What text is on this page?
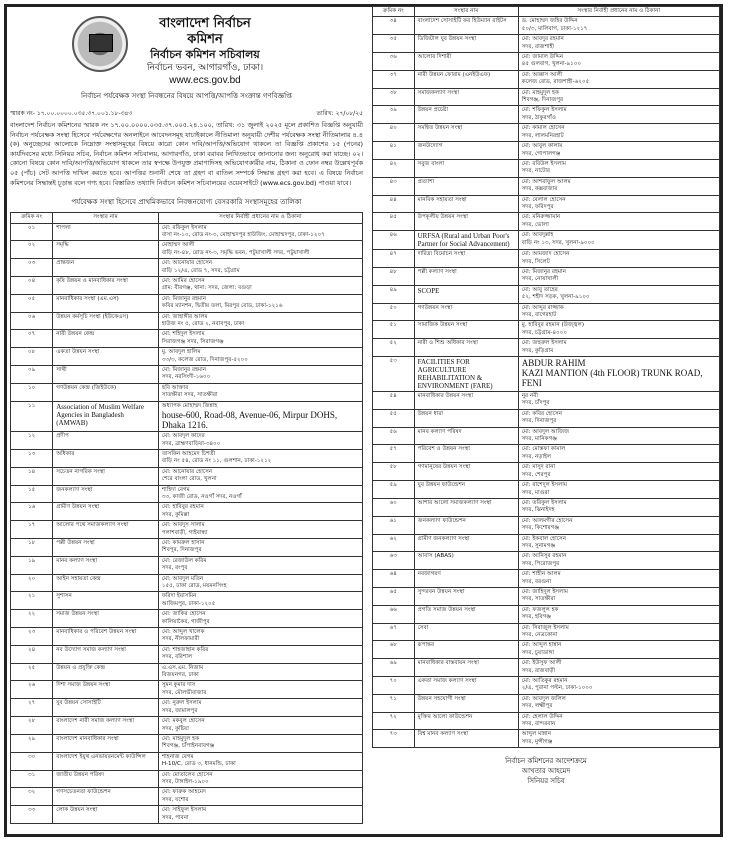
বাংলাদেশ নির্বাচন কমিশন
নির্বাচন কমিশন সচিবালয়
নির্বাচন ভবন, আগারগাঁও, ঢাকা।
www.ecs.gov.bd
নির্বাচন পর্যবেক্ষক সংস্থা নিবন্ধনের বিষয়ে আপত্তি/আপত্তি সংক্রান্ত গণবিজ্ঞপ্তি
স্মারক নং- ১৭.০০.০০০০.০৩৫.৩৭.০০১.১৮-৩৪৩	তারিখ: ২৭/০৮/২৫
বাংলাদেশ নির্বাচন কমিশনের স্মারক নং ১৭.০০.০০০০.০৩৫.৩৭.০০৫.২৪.১০০, তারিখ: ৩১ জুলাই ২০২৫ মূলে প্রকাশিত বিজ্ঞপ্তি অনুযায়ী নির্বাচন পর্যবেক্ষক সংস্থা হিসেবে পর্যবেক্ষণের অনলাইনে আবেদনসমূহ যাচাইকালে নীতিমালা অনুযায়ী দেশীয় পর্যবেক্ষক সংস্থা নীতিমালার ৪.৪ (ক) অনুচ্ছেদের আলোকে নিম্নোক্ত সংস্থাসমূহের বিষয়ে কারো কোন দাবি/আপত্তি/অভিযোগ থাকলে তা বিজ্ঞপ্তি প্রকাশের ১৫ (পনের) কার্যদিবসের মধ্যে সিনিয়র সচিব, নির্বাচন কমিশন সচিবালয়, আগারগাঁও, ঢাকা বরাবর লিখিতভাবে জানানোর জন্য অনুরোধ করা যাচ্ছে। ০২। কোনো বিষয়ে কোন দাবি/আপত্তি/অভিযোগ থাকলে তার স্বপক্ষে উপযুক্ত প্রমাণাদিসহ অভিযোগকারীর নাম, ঠিকানা ও ফোন নম্বর উল্লেখপূর্বক ০৫ (পাঁচ) সেট আপত্তি দাখিল করতে হবে। আপত্তির শুনানী শেষে তা গ্রহণ বা বাতিল সম্পর্কে সিদ্ধান্ত গ্রহণ করা হবে। এ বিষয়ে নির্বাচন কমিশনের সিদ্ধান্তই চূড়ান্ত বলে গণ্য হবে। বিস্তারিত তথ্যাদি নির্বাচন কমিশন সচিবালয়ের ওয়েবসাইটে (www.ecs.gov.bd) পাওয়া যাবে।
পর্যবেক্ষক সংস্থা হিসেবে প্রাথমিকভাবে নিবন্ধনযোগ্য বেসরকারি সংস্থাসমূহের তালিকা
ক্রমিক নং	সংস্থার নাম	সংস্থার নির্বাহী প্রধানের নাম ও ঠিকানা
০১	শাপলা	মো: রফিকুল ইসলাম
বাসা নং-১০, রোড নং-৩, মোহাম্মদপুর হাউজিং, মোহাম্মদপুর, ঢাকা-১২০৭

০২	সমৃদ্ধি	মোহাম্মদ আলী
বাড়ি নং-৪৮, রোড নং-৩, সমৃদ্ধি ভবন, পটুয়াখালী সদর, পটুয়াখালী

০৩	প্রান্তজন	মো: আনোয়ার হোসেন
বাড়ি ১২/এ, রোড ৭, সদর, চট্টগ্রাম

০৪	কৃষি উন্নয়ন ও মানবাধিকার সংস্থা	মো: আমির হোসেন
গ্রাম: বীরগঞ্জ, থানা: সদর, জেলা: বগুড়া

০৫	মানবাধিকার সংস্থা (এম.এস)	মো: মিজানুর রহমান
কবির ম্যানশন, দ্বিতীয় তলা, মিরপুর রোড, ঢাকা-১২১৬

০৬	উন্নয়ন কর্মসূচি সংস্থা (ইউকেএস)	মো: জাহাঙ্গীর আলম
হাউজ নং ৫, রোড ২, নবাবপুর, ঢাকা

০৭	নারী উন্নয়ন কেন্দ্র	মো: শহিদুল ইসলাম
সিরাজগঞ্জ সদর, সিরাজগঞ্জ

০৮	একতা উন্নয়ন সংস্থা	মু. আবদুল হালিম
৩৩/৩, কলেজ রোড, দিনাজপুর-৫২০০

০৯	সাথী	মো: মিজানুর রহমান
সদর, নরসিংদী-১৬০০

১০	গণউন্নয়ন কেন্দ্র (জিইউকে)	ছবি আক্তার
সাতক্ষীরা সদর, সাতক্ষীরা

১১	Association of Muslim Welfare Agencies in Bangladesh (AMWAB)	অধ্যাপক মোহাম্মদ জিন্নাহ
house-600, Road-08, Avenue-06, Mirpur DOHS, Dhaka 1216.

১২	প্রদীপ	মো: আবদুল কাদের
সদর, ব্রাহ্মণবাড়িয়া-৩৪০০

১৩	অধিকার	তাসকিন আহমেদ চিশতী
বাড়ি নং ৫৪, রোড নং ১১, গুলশান, ঢাকা-১২১২

১৪	সচেতন নাগরিক সংস্থা	মো: আনোয়ার হোসেন
শেরে বাংলা রোড, খুলনা

১৫	জনকল্যাণ সংস্থা	শাহিদা বেগম
৩৩, কাজী রোড, নওগাঁ সদর, নওগাঁ

১৬	গ্রামীণ উন্নয়ন সংস্থা	মো: হাবিবুর রহমান
সদর, কুমিল্লা

১৭	আলোর পথে সমাজকল্যাণ সংস্থা	মো: আবদুস সালাম
পলাশবাড়ী, গাইবান্ধা

১৮	পল্লী উন্নয়ন সংস্থা	মো: কামরুল হাসান
শিবপুর, দিনাজপুর

১৯	মানব কল্যাণ সংস্থা	মো: রেজাউল করিম
সদর, রংপুর

২০	আইন সহায়তা কেন্দ্র	মো: আবদুল মতিন
১৫৫, ঢাকা রোড, ময়মনসিংহ

২১	সুশাসন	ফরিদা ইয়াসমিন
আজিমপুর, ঢাকা-১২০৫

২২	সমাজ উন্নয়ন সংস্থা	মো: জাকির হোসেন
কালিয়াকৈর, গাজীপুর

২৩	মানবাধিকার ও পরিবেশ উন্নয়ন সংস্থা	মো: আব্দুল খালেক
সদর, নীলফামারী

২৪	নব উদ্যোগ সমাজ কল্যাণ সংস্থা	মো: শাহজাহান কবির
সদর, বরিশাল

২৫	উন্নয়ন ও প্রযুক্তি কেন্দ্র	এ.এস.এম. নিজাম
বিজয়নগর, ঢাকা

২৬	দিশা সমাজ উন্নয়ন সংস্থা	সুমন কুমার দাস
সদর, মৌলভীবাজার

২৭	যুব উন্নয়ন সোসাইটি	মো: নুরুল ইসলাম
সদর, জামালপুর

২৮	বাংলাদেশ নারী সমাজ কল্যাণ সংস্থা	মো: মকবুল হোসেন
সদর, কুষ্টিয়া

২৯	বাংলাদেশ মানবাধিকার সংস্থা	মো: মাহমুদুল হক
শিবগঞ্জ, চাঁপাইনবাবগঞ্জ

৩০	বাংলাদেশ ইয়ুথ এনভায়রনমেন্ট কাউন্সিল	শাহনাজ বেগম
H-10/C, রোড ৩, ধানমন্ডি, ঢাকা

৩১	জাতীয় উন্নয়ন পরিষদ	মো: মোতালেব হোসেন
সদর, টাঙ্গাইল-১৯০০

৩২	গণসচেতনতা ফাউন্ডেশন	মো: ফারুক আহমেদ
সদর, যশোর

৩৩	লোক উন্নয়ন সংস্থা	মো: সাইফুল ইসলাম
সদর, পাবনা
ক্রমিক নং	সংস্থার নাম	সংস্থার নির্বাহী প্রধানের নাম ও ঠিকানা
৩৪	বাংলাদেশ সোসাইটি ফর হিউম্যান রাইটস	ড. মোহাম্মদ জহির উদ্দিন
৫০/৩, মালিবাগ, ঢাকা-১২১৭

৩৫	ডিজিটাল যুব উন্নয়ন সংস্থা	মো: আবদুর রহমান
সদর, রাজশাহী

৩৬	আলোর দিশারী	মো: জামাল উদ্দিন
৪৫ গুলবাগ, খুলনা-৯১০০

৩৭	নারী উন্নয়ন ফোরাম (এনইউএফ)	মো: আক্কাস আলী
কলেজ রোড, রাজশাহী-৬২০৫

৩৮	সমাজকল্যাণ সংস্থা	মো: মাহমুদুল হক
শিবগঞ্জ, দিনাজপুর

৩৯	উন্নয়ন প্রচেষ্টা	মো: শফিকুল ইসলাম
সদর, ঠাকুরগাঁও

৪০	সমন্বিত উন্নয়ন সংস্থা	মো: কামাল হোসেন
সদর, লালমনিরহাট

৪১	জনউদ্যোগ	মো: আবুল কালাম
সদর, গোপালগঞ্জ

৪২	সবুজ বাংলা	মো: রবিউল ইসলাম
সদর, নাটোর

৪৩	প্রত্যাশা	মো: আশরাফুল আলম
সদর, কক্সবাজার

৪৪	মানবিক সহায়তা সংস্থা	মো: বেলাল হোসেন
সদর, ফরিদপুর

৪৫	উপকূলীয় উন্নয়ন সংস্থা	মো: মনিরুজ্জামান
সদর, ভোলা

৪৬	URFSA (Rural and Urban Poor's Partner for Social Advancement)	মো: আবদুল্লাহ
বাড়ি নং ১৩, সদর, খুলনা-৯০০০

৪৭	দারিদ্র্য বিমোচন সংস্থা	মো: আমজাদ হোসেন
সদর, সিলেট

৪৮	পল্লী কল্যাণ সংস্থা	মো: মিজানুর রহমান
সদর, নোয়াখালী

৪৯	SCOPE	মো: আবু তাহের
৫২, শহীদ সড়ক, খুলনা-৯১০০

৫০	গণউন্নয়ন সংস্থা	মো: আব্দুর রাজ্জাক
সদর, বাগেরহাট

৫১	সামাজিক উন্নয়ন সংস্থা	মু. হাবিবুর রহমান (উজ্জ্বল)
সদর, চট্টগ্রাম-৪০০০

৫২	নারী ও শিশু অধিকার সংস্থা	মো: জহুরুল ইসলাম
সদর, কুড়িগ্রাম

৫৩	FACILITIES FOR AGRICULTURE REHABILITATION & ENVIRONMENT (FARE)	ABDUR RAHIM
KAZI MANTION (4th FLOOR) TRUNK ROAD, FENI

৫৪	মানবাধিকার উন্নয়ন সংস্থা	নুর নবী
সদর, চাঁদপুর

৫৫	উন্নয়ন ধারা	মো: কবির হোসেন
সদর, দিনাজপুর

৫৬	মানব কল্যাণ পরিষদ	মো: আবদুল আজিজ
সদর, মানিকগঞ্জ

৫৭	পরিবেশ ও উন্নয়ন সংস্থা	মো: মোস্তফা কামাল
সদর, নড়াইল

৫৮	গণমানুষের উন্নয়ন সংস্থা	মো: মাসুদ রানা
সদর, শেরপুর

৫৯	যুব উন্নয়ন ফাউন্ডেশন	মো: রাশেদুল ইসলাম
সদর, মাগুরা

৬০	আশার আলো সমাজকল্যাণ সংস্থা	মো: তরিকুল ইসলাম
সদর, ঝিনাইদহ

৬১	জনকল্যাণ ফাউন্ডেশন	মো: আলমগীর হোসেন
সদর, কিশোরগঞ্জ

৬২	গ্রামীণ জনকল্যাণ সংস্থা	মো: ইকবাল হোসেন
সদর, সুনামগঞ্জ

৬৩	আবাস (ABAS)	মো: আনিসুর রহমান
সদর, পিরোজপুর

৬৪	নবজাগরণ	মো: শাহীন আলম
সদর, বরগুনা

৬৫	সুন্দরবন উন্নয়ন সংস্থা	মো: জাহিদুল ইসলাম
সদর, সাতক্ষীরা

৬৬	প্রগতি সমাজ উন্নয়ন সংস্থা	মো: ফজলুল হক
সদর, হবিগঞ্জ

৬৭	সেবা	মো: সিরাজুল ইসলাম
সদর, নেত্রকোনা

৬৮	রূপান্তর	মো: আব্দুল হান্নান
সদর, চুয়াডাঙ্গা

৬৯	মানবাধিকার বাস্তবায়ন সংস্থা	মো: ইউসুফ আলী
সদর, রাজবাড়ী

৭০	একতা সমাজ কল্যাণ সংস্থা	মো: আতিকুর রহমান
২/এ, পুরানা পল্টন, ঢাকা-১০০০

৭১	উন্নয়ন সহযোগী সংস্থা	মো: আবদুল জলিল
সদর, লক্ষ্মীপুর

৭২	মুক্তির আলো ফাউন্ডেশন	মো: হেলাল উদ্দিন
সদর, বান্দরবান

৭৩	বিশ্ব মানব কল্যাণ সংস্থা	আব্দুল মান্নান
সদর, মুন্সীগঞ্জ
নির্বাচন কমিশনের আদেশক্রমে
আখতার আহমেদ
সিনিয়র সচিব
